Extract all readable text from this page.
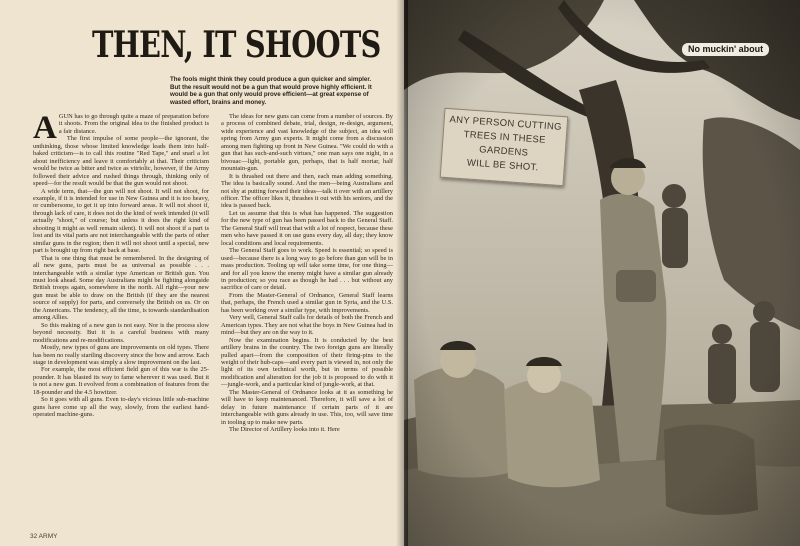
THEN, IT SHOOTS

The fools might think they could produce a gun quicker and simpler. But the result would not be a gun that would prove highly efficient. It would be a gun that only would prove efficient—at great expense of wasted effort, brains and money.

AGUN has to go through quite a maze of preparation before it shoots. From the original idea to the finished product is a fair distance.

The first impulse of some people—the ignorant, the unthinking, those whose limited knowledge leads them into half-baked criticism—is to call this routine "Red Tape," and snarl a lot about inefficiency and leave it comfortably at that. Their criticism would be twice as bitter and twice as vitriolic, however, if the Army followed their advice and rushed things through, thinking only of speed—for the result would be that the gun would not shoot.

A wide term, that—the gun will not shoot. It will not shoot, for example, if it is intended for use in New Guinea and it is too heavy, or cumbersome, to get it up into forward areas. It will not shoot if, through lack of care, it does not do the kind of work intended (it will actually "shoot," of course; but unless it does the right kind of shooting it might as well remain silent). It will not shoot if a part is lost and its vital parts are not interchangeable with the parts of other similar guns in the region; then it will not shoot until a special, new part is brought up from right back at base.

That is one thing that must be remembered. In the designing of all new guns, parts must be as universal as possible . . . interchangeable with a similar type American or British gun. You must look ahead. Some day Australians might be fighting alongside British troops again, somewhere in the north. All right—your new gun must be able to draw on the British (if they are the nearest source of supply) for parts, and conversely the British on us. Or on the Americans. The tendency, all the time, is towards standardisation among Allies.

So this making of a new gun is not easy. Nor is the process slow beyond necessity. But it is a careful business with many modifications and re-modifications.

Mostly, new types of guns are improvements on old types. There has been no really startling discovery since the bow and arrow. Each stage in development was simply a slow improvement on the last.

For example, the most efficient field gun of this war is the 25-pounder. It has blasted its way to fame wherever it was used. But it is not a new gun. It evolved from a combination of features from the 18-pounder and the 4.5 howitzer.

So it goes with all guns. Even to-day's vicious little sub-machine guns have come up all the way, slowly, from the earliest hand-operated machine-guns.

The ideas for new guns can come from a number of sources. By a process of combined debate, trial, design, re-design, argument, wide experience and vast knowledge of the subject, an idea will spring from Army gun experts. It might come from a discussion among men fighting up front in New Guinea. "We could do with a gun that has such-and-such virtues," one man says one night, in a bivouac—light, portable gun, perhaps, that is half mortar, half mountain-gun.

It is thrashed out there and then, each man adding something. The idea is basically sound. And the men—being Australians and not shy at putting forward their ideas—talk it over with an artillery officer. The officer likes it, thrashes it out with his seniors, and the idea is passed back.

Let us assume that this is what has happened. The suggestion for the new type of gun has been passed back to the General Staff. The General Staff will treat that with a lot of respect, because these men who have passed it on use guns every day, all day; they know local conditions and local requirements.

The General Staff goes to work. Speed is essential; so speed is used—because there is a long way to go before than gun will be in mass production. Tooling up will take some time, for one thing—and for all you know the enemy might have a similar gun already in production; so you race as though he had . . . but without any sacrifice of care or detail.

From the Master-General of Ordnance, General Staff learns that, perhaps, the French used a similar gun in Syria, and the U.S. has been working over a similar type, with improvements.

Very well, General Staff calls for details of both the French and American types. They are not what the boys in New Guinea had in mind—but they are on the way to it.

Now the examination begins. It is conducted by the best artillery brains in the country. The two foreign guns are literally pulled apart—from the composition of their firing-pins to the weight of their hub-caps—and every part is viewed in, not only the light of its own technical worth, but in terms of possible modification and alteration for the job it is proposed to do with it—jungle-work, and a particular kind of jungle-work, at that.

The Master-General of Ordnance looks at it as something he will have to keep maintenanced. Therefore, it will save a lot of delay in future maintenance if certain parts of it are interchangeable with guns already in use. This, too, will save time in tooling up to make new parts.

The Director of Artillery looks into it. Here

32 ARMY
ANY PERSON CUTTING
TREES IN THESE GARDENS
WILL BE SHOT.
No muckin' about
